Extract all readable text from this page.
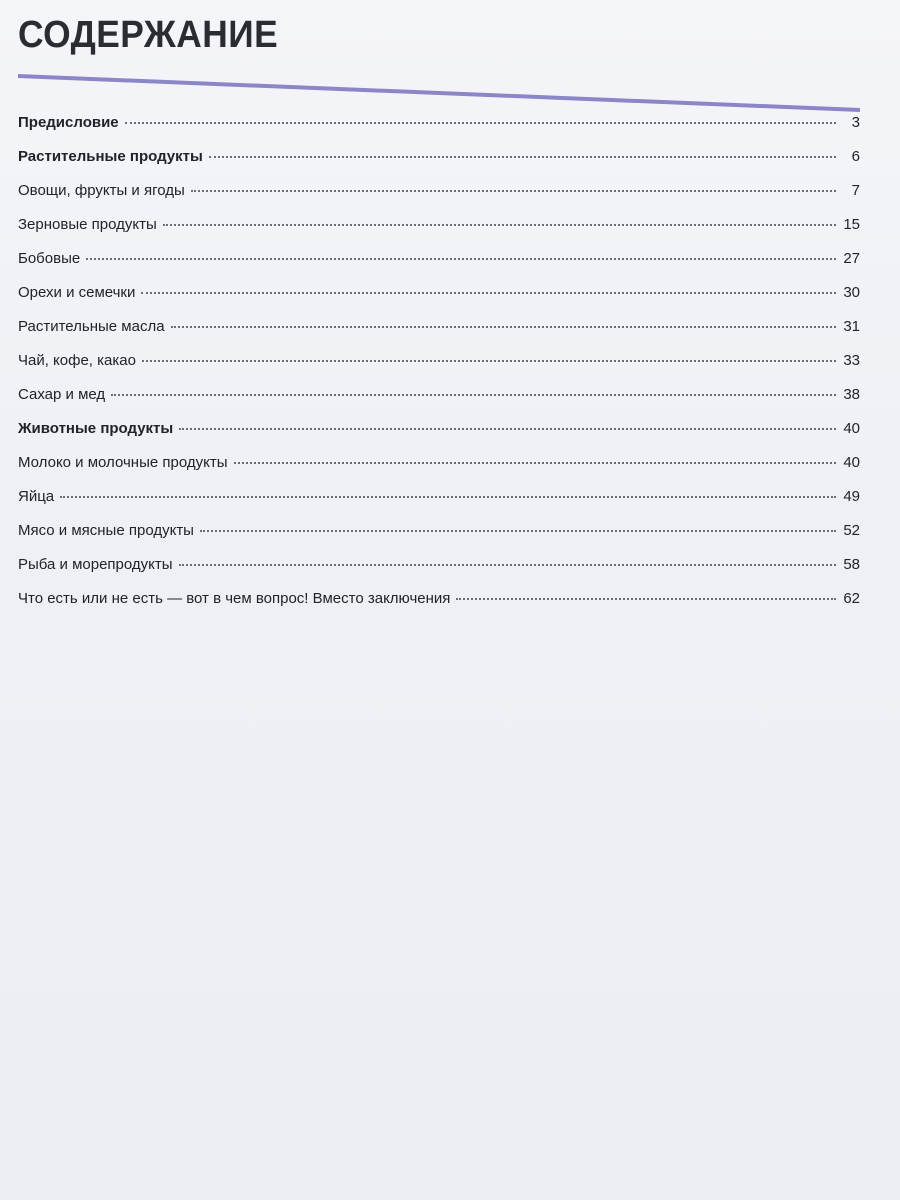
СОДЕРЖАНИЕ
Предисловие	3
Растительные продукты	6
Овощи, фрукты и ягоды	7
Зерновые продукты	15
Бобовые	27
Орехи и семечки	30
Растительные масла	31
Чай, кофе, какао	33
Сахар и мед	38
Животные продукты	40
Молоко и молочные продукты	40
Яйца	49
Мясо и мясные продукты	52
Рыба и морепродукты	58
Что есть или не есть — вот в чем вопрос! Вместо заключения	62
